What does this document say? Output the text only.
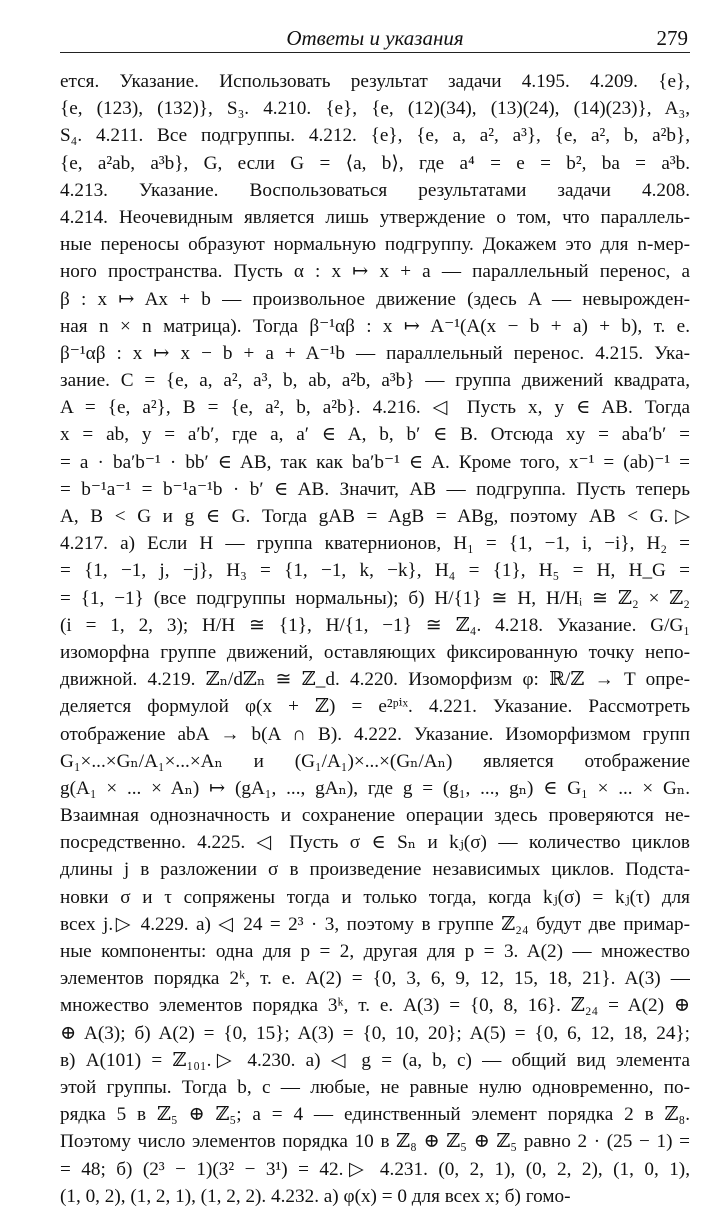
Ответы и указания	279
ется. Указание. Использовать результат задачи 4.195. 4.209. {e},
{e, (123), (132)}, S₃. 4.210. {e}, {e, (12)(34), (13)(24), (14)(23)}, A₃,
S₄. 4.211. Все подгруппы. 4.212. {e}, {e, a, a², a³}, {e, a², b, a²b},
{e, a²ab, a³b}, G, если G = ⟨a, b⟩, где a⁴ = e = b², ba = a³b.
4.213. Указание. Воспользоваться результатами задачи 4.208.
4.214. Неочевидным является лишь утверждение о том, что параллель-
ные переносы образуют нормальную подгруппу. Докажем это для n-мер-
ного пространства. Пусть α : x ↦ x + a — параллельный перенос, а
β : x ↦ Ax + b — произвольное движение (здесь A — невырожден-
ная n × n матрица). Тогда β⁻¹αβ : x ↦ A⁻¹(A(x − b + a) + b), т. е.
β⁻¹αβ : x ↦ x − b + a + A⁻¹b — параллельный перенос. 4.215. Ука-
зание. C = {e, a, a², a³, b, ab, a²b, a³b} — группа движений квадрата,
A = {e, a²}, B = {e, a², b, a²b}. 4.216. ◁ Пусть x, y ∈ AB. Тогда
x = ab, y = a′b′, где a, a′ ∈ A, b, b′ ∈ B. Отсюда xy = aba′b′ =
= a · ba′b⁻¹ · bb′ ∈ AB, так как ba′b⁻¹ ∈ A. Кроме того, x⁻¹ = (ab)⁻¹ =
= b⁻¹a⁻¹ = b⁻¹a⁻¹b · b′ ∈ AB. Значит, AB — подгруппа. Пусть теперь
A, B < G и g ∈ G. Тогда gAB = AgB = ABg, поэтому AB < G.▷
4.217. а) Если H — группа кватернионов, H₁ = {1, −1, i, −i}, H₂ =
= {1, −1, j, −j}, H₃ = {1, −1, k, −k}, H₄ = {1}, H₅ = H, H_G =
= {1, −1} (все подгруппы нормальны); б) H/{1} ≅ H, H/Hᵢ ≅ ℤ₂ × ℤ₂
(i = 1, 2, 3); H/H ≅ {1}, H/{1, −1} ≅ ℤ₄. 4.218. Указание. G/G₁
изоморфна группе движений, оставляющих фиксированную точку непо-
движной. 4.219. ℤₙ/dℤₙ ≅ ℤ_d. 4.220. Изоморфизм φ: ℝ/ℤ → T опре-
деляется формулой φ(x + ℤ) = e²ᵖⁱˣ. 4.221. Указание. Рассмотреть
отображение abA → b(A ∩ B). 4.222. Указание. Изоморфизмом групп
G₁×...×Gₙ/A₁×...×Aₙ и (G₁/A₁)×...×(Gₙ/Aₙ) является отображение
g(A₁ × ... × Aₙ) ↦ (gA₁, ..., gAₙ), где g = (g₁, ..., gₙ) ∈ G₁ × ... × Gₙ.
Взаимная однозначность и сохранение операции здесь проверяются не-
посредственно. 4.225. ◁ Пусть σ ∈ Sₙ и kⱼ(σ) — количество циклов
длины j в разложении σ в произведение независимых циклов. Подста-
новки σ и τ сопряжены тогда и только тогда, когда kⱼ(σ) = kⱼ(τ) для
всех j.▷ 4.229. а) ◁ 24 = 2³ · 3, поэтому в группе ℤ₂₄ будут две примар-
ные компоненты: одна для p = 2, другая для p = 3. A(2) — множество
элементов порядка 2ᵏ, т. е. A(2) = {0, 3, 6, 9, 12, 15, 18, 21}. A(3) —
множество элементов порядка 3ᵏ, т. е. A(3) = {0, 8, 16}. ℤ₂₄ = A(2) ⊕
⊕ A(3); б) A(2) = {0, 15}; A(3) = {0, 10, 20}; A(5) = {0, 6, 12, 18, 24};
в) A(101) = ℤ₁₀₁.▷ 4.230. а) ◁ g = (a, b, c) — общий вид элемента
этой группы. Тогда b, c — любые, не равные нулю одновременно, по-
рядка 5 в ℤ₅ ⊕ ℤ₅; a = 4 — единственный элемент порядка 2 в ℤ₈.
Поэтому число элементов порядка 10 в ℤ₈ ⊕ ℤ₅ ⊕ ℤ₅ равно 2 · (25 − 1) =
= 48; б) (2³ − 1)(3² − 3¹) = 42.▷ 4.231. (0, 2, 1), (0, 2, 2), (1, 0, 1),
(1, 0, 2), (1, 2, 1), (1, 2, 2). 4.232. а) φ(x) = 0 для всех x; б) гомо-
